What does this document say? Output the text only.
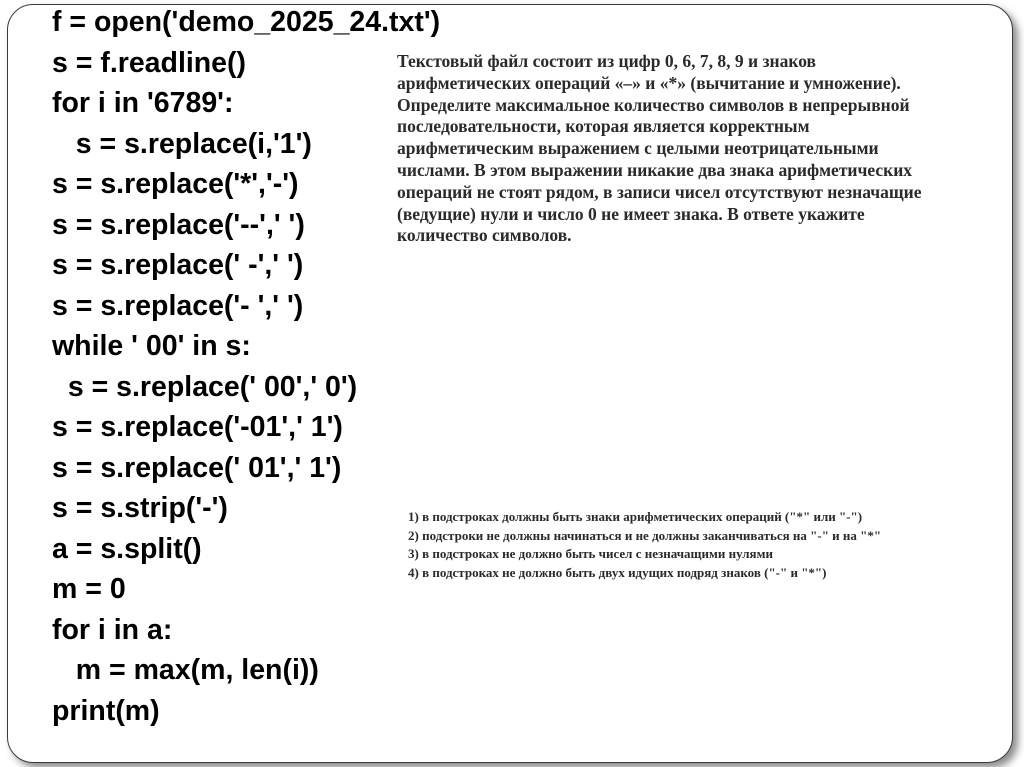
f = open('demo_2025_24.txt')
s = f.readline()
for i in '6789':
s = s.replace(i,'1')
s = s.replace('*','-')
s = s.replace('--',' ')
s = s.replace(' -',' ')
s = s.replace('- ',' ')
while ' 00' in s:
s = s.replace(' 00',' 0')
s = s.replace('-01',' 1')
s = s.replace(' 01',' 1')
s = s.strip('-')
a = s.split()
m = 0
for i in a:
m = max(m, len(i))
print(m)

Текстовый файл состоит из цифр 0, 6, 7, 8, 9 и знаков
арифметических операций «–» и «*» (вычитание и умножение).
Определите максимальное количество символов в непрерывной
последовательности, которая является корректным
арифметическим выражением с целыми неотрицательными
числами. В этом выражении никакие два знака арифметических
операций не стоят рядом, в записи чисел отсутствуют незначащие
(ведущие) нули и число 0 не имеет знака. В ответе укажите
количество символов.

1) в подстроках должны быть знаки арифметических операций ("*" или "-")
2) подстроки не должны начинаться и не должны заканчиваться на "-" и на "*"
3) в подстроках не должно быть чисел с незначащими нулями
4) в подстроках не должно быть двух идущих подряд знаков ("-" и "*")
